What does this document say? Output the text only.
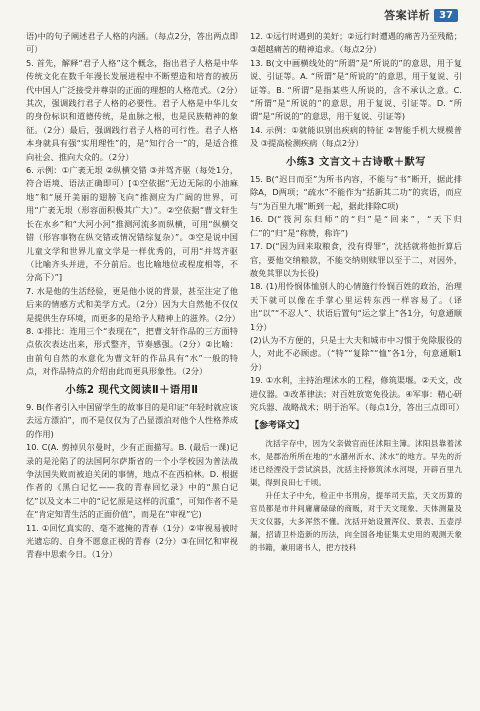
答案详析 37

语)中的句子阐述君子人格的内涵。（每点2分，答出两点即可）

5. 首先，解释“君子人格”这个概念，指出君子人格是中华传统文化在数千年漫长发展进程中不断塑造和培育的被历代中国人广泛接受并尊崇的正面的理想的人格范式。（2分）其次，强调践行君子人格的必要性。君子人格是中华儿女的身份标识和道德传统，是血脉之根，也是民族精神的象征。（2分）最后，强调践行君子人格的可行性。君子人格本身就具有强“实用理性”的，是“知行合一”的，是适合推向社会、推向大众的。（2分）

6. 示例：①广袤无垠 ②纵横交错 ③并驾齐驱（每处1分，符合语境、语法正确即可）[①空依据“无边无际的小油麻地”和“展开美丽的翅膀飞向”推测应为广阔的世界，可用“广袤无垠（形容面积极其广大）”。②空依据“曹文轩生长在水乡”和“大河小河”推测河流多而纵横，可用“纵横交错（形容事物在纵交错或情况错综复杂）”。③空是说中国儿童文学和世界儿童文学是一样优秀的，可用“并驾齐驱（比喻齐头并进，不分前后。也比喻地位或程度相等，不分高下）”]

7. 水是他的生活经验，更是他小说的背景，甚至注定了他后来的情感方式和美学方式。（2分）因为大自然他不仅仅是提供生存环境，而更多的是给予人精神上的滋养。（2分）

8. ①排比：连用三个“表现在”，把曹文轩作品的三方面特点依次表达出来，形式整齐，节奏感强。（2分）②比喻：由前句自然的水意化为曹文轩的作品具有“水”一般的特点，对作品特点的介绍由此而更具形象性。（2分）

小练2 现代文阅读Ⅱ＋语用Ⅱ

9. B(作者引入中国留学生的故事目的是印证“年轻时就应该去远方漂泊”，而不是仅仅为了凸显漂泊对他个人性格养成的作用)

10. C(A. 剪掉贝尔曼时，少有正面描写。B. (最后一课)记录的是沦陷了的法国阿尔萨斯省的一个小学校因为普法战争法国失败而被迫关闭的事情，地点不在西柏林。D. 根据作者的《黑白记忆——我的青春回忆录》中的“黑白记忆”以及文本二中的“记忆原是这样的沉重”，可知作者不是在“肯定知青生活的正面价值”，而是在“审视”它)

11. ①回忆真实的、毫不遮掩的青春（1分）②审视易被时光遗忘的、自身不愿意正视的青春（2分）③在回忆和审视青春中思索今日。（1分）

12. ①远行时遇到的美好；②远行时遭遇的痛苦乃至残酷；③超越痛苦的精神追求。（每点2分）

13. B(文中画横线处的“所谓”是“所说的”的意思，用于复说、引证等。A. “所谓”是“所说的”的意思，用于复说、引证等。B. “所谓”是指某些人所说的，含不承认之意。C. “所谓”是“所说的”的意思，用于复说、引证等。D. “所谓”是“所说的”的意思，用于复说、引证等)

14. 示例：①就能识别出疾病的特征 ②智能手机大规模普及 ③提高检测疾病（每点2分）

小练3 文言文＋古诗歌＋默写

15. B(“迟日而至”为所书内容，不能与“书”断开，据此排除A，D两项；“疏水”不能作为“括新其二功”的宾语，而应与“为百里九堰”断到一起，据此排除C项)

16. D(“筏河东归师”的“归”是“回来”，“天下归仁”的“归”是“称赞，称许”)

17. D(“因为回来取粮食，没有得罪”，沈括就将他折算后官，要他交纳粮款，不能交纳则赎罪以至于二，对因外，赦免其罪以为长役)

18. (1)用怜悯体恤别人的心情施行怜悯百姓的政治，治理天下就可以像在手掌心里运转东西一样容易了。（译出“以”“不忍人”、状语后置句“运之掌上”各1分，句意通顺1分）

(2)认为不方便的，只是士大夫和城市中习惯于免除服役的人，对此不必顾虑。（“特”“复除”“恤”各1分，句意通顺1分）

19. ①水利，主持治理沭水的工程，修筑渠堰。②天文，改进仪器。③改革律法；对百姓放宽免役法。④军事：精心研究兵器、战略战术；明于治军。（每点1分，答出三点即可）

【参考译文】

沈括字存中，因为父亲做官而任沭阳主簿。沭阳县靠着沭水，是郡治所所在地的“水潴州沂水、沭水”的地方。早先的沂述已经湮没于尝试滨县，沈括主持修筑沭水河堤，开辟百里九渠，得到良田七千顷。

升任太子中允，检正中书刑房，提举司天监，天文历算的官员都是市井间庸庸碌碌的商贩，对于天文现象、天体测量及天文仪器，大多浑然不懂。沈括开始设置浑仪、景表、五壶浮漏，招请卫朴造新的历法，向全国各地征集太史用的观测天象的书籍，兼用诸书人，把方技科
